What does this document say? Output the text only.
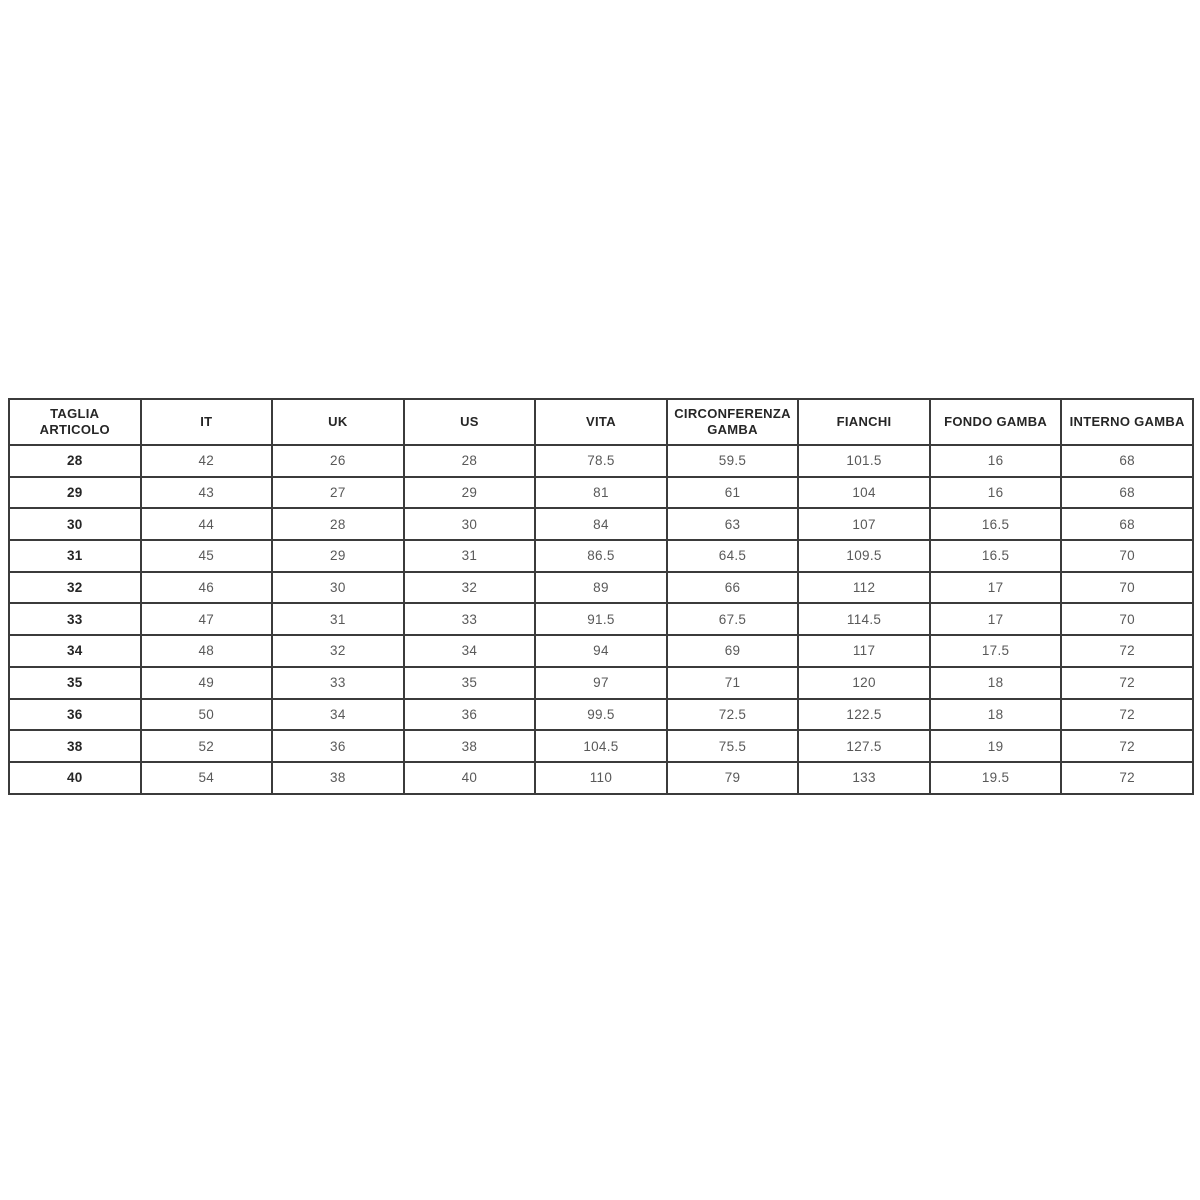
TAGLIA ARTICOLO	IT	UK	US	VITA	CIRCONFERENZA GAMBA	FIANCHI	FONDO GAMBA	INTERNO GAMBA
28	42	26	28	78.5	59.5	101.5	16	68
29	43	27	29	81	61	104	16	68
30	44	28	30	84	63	107	16.5	68
31	45	29	31	86.5	64.5	109.5	16.5	70
32	46	30	32	89	66	112	17	70
33	47	31	33	91.5	67.5	114.5	17	70
34	48	32	34	94	69	117	17.5	72
35	49	33	35	97	71	120	18	72
36	50	34	36	99.5	72.5	122.5	18	72
38	52	36	38	104.5	75.5	127.5	19	72
40	54	38	40	110	79	133	19.5	72
